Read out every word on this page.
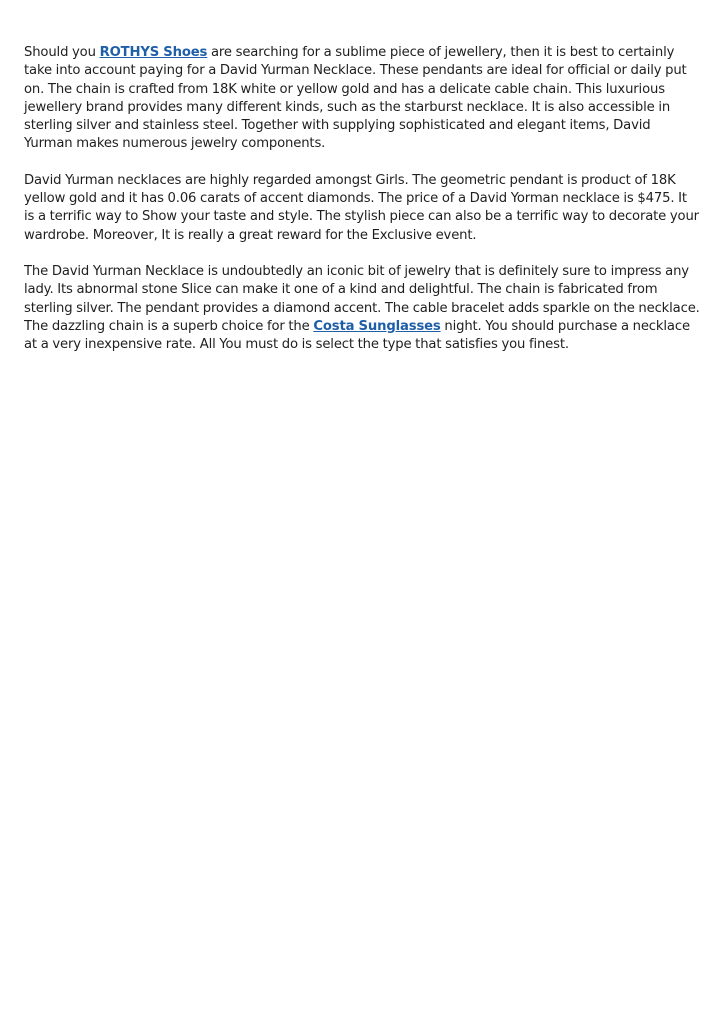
Should you ROTHYS Shoes are searching for a sublime piece of jewellery, then it is best to certainly take into account paying for a David Yurman Necklace. These pendants are ideal for official or daily put on. The chain is crafted from 18K white or yellow gold and has a delicate cable chain. This luxurious jewellery brand provides many different kinds, such as the starburst necklace. It is also accessible in sterling silver and stainless steel. Together with supplying sophisticated and elegant items, David Yurman makes numerous jewelry components.

David Yurman necklaces are highly regarded amongst Girls. The geometric pendant is product of 18K yellow gold and it has 0.06 carats of accent diamonds. The price of a David Yorman necklace is $475. It is a terrific way to Show your taste and style. The stylish piece can also be a terrific way to decorate your wardrobe. Moreover, It is really a great reward for the Exclusive event.

The David Yurman Necklace is undoubtedly an iconic bit of jewelry that is definitely sure to impress any lady. Its abnormal stone Slice can make it one of a kind and delightful. The chain is fabricated from sterling silver. The pendant provides a diamond accent. The cable bracelet adds sparkle on the necklace. The dazzling chain is a superb choice for the Costa Sunglasses night. You should purchase a necklace at a very inexpensive rate. All You must do is select the type that satisfies you finest.
